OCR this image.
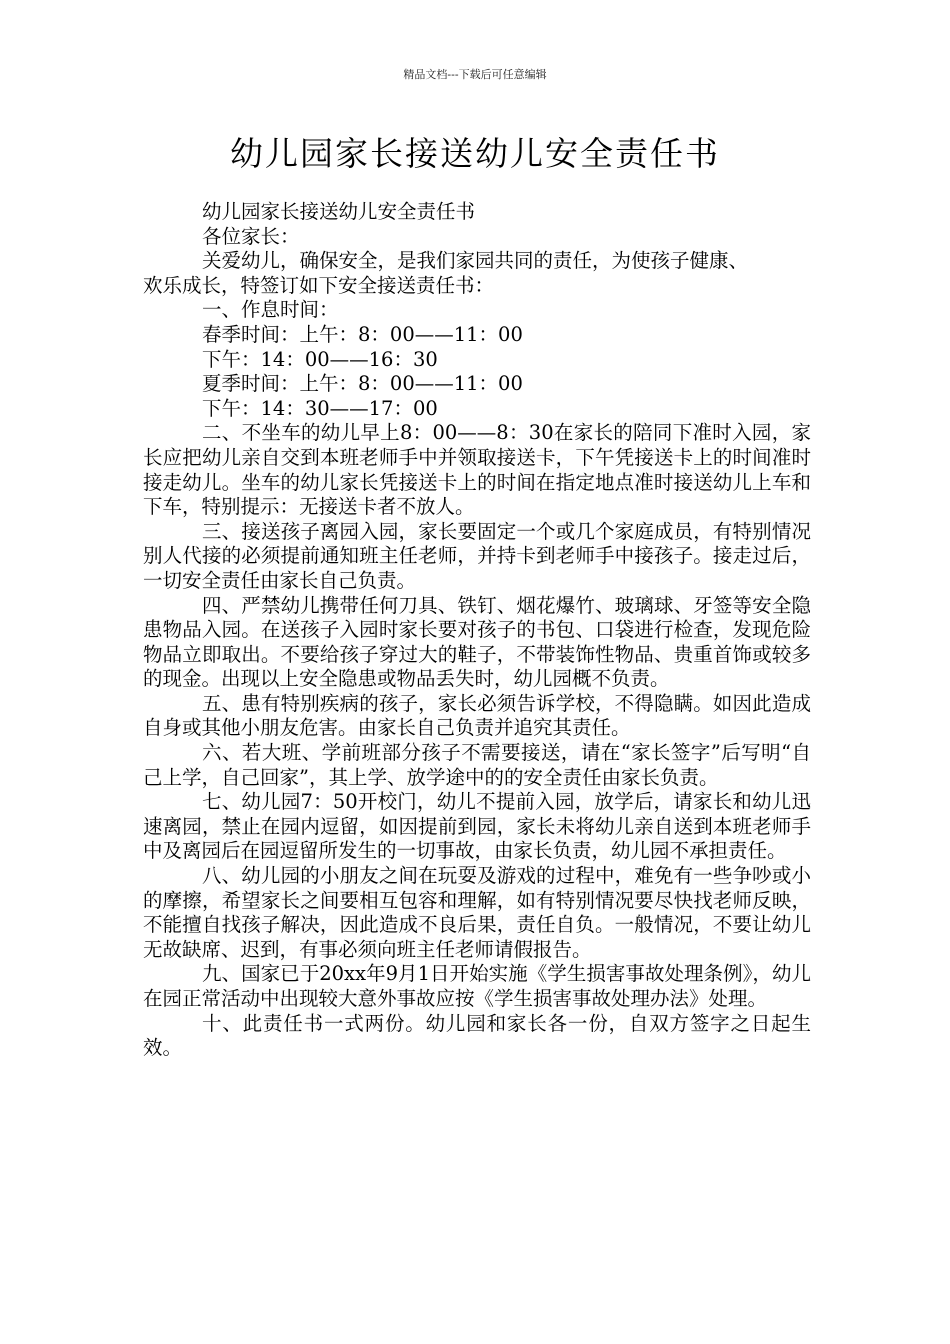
精品文档---下载后可任意编辑
幼儿园家长接送幼儿安全责任书
幼儿园家长接送幼儿安全责任书
各位家长：
关爱幼儿，确保安全，是我们家园共同的责任，为使孩子健康、
欢乐成长，特签订如下安全接送责任书：
一、作息时间：
春季时间：上午：8：00——11：00
下午：14：00——16：30
夏季时间：上午：8：00——11：00
下午：14：30——17：00

二、不坐车的幼儿早上8：00——8：30在家长的陪同下准时入园，家长应把幼儿亲自交到本班老师手中并领取接送卡，下午凭接送卡上的时间准时接走幼儿。坐车的幼儿家长凭接送卡上的时间在指定地点准时接送幼儿上车和下车，特别提示：无接送卡者不放人。

三、接送孩子离园入园，家长要固定一个或几个家庭成员，有特别情况别人代接的必须提前通知班主任老师，并持卡到老师手中接孩子。接走过后，一切安全责任由家长自己负责。

四、严禁幼儿携带任何刀具、铁钉、烟花爆竹、玻璃球、牙签等安全隐患物品入园。在送孩子入园时家长要对孩子的书包、口袋进行检查，发现危险物品立即取出。不要给孩子穿过大的鞋子，不带装饰性物品、贵重首饰或较多的现金。出现以上安全隐患或物品丢失时，幼儿园概不负责。

五、患有特别疾病的孩子，家长必须告诉学校，不得隐瞒。如因此造成自身或其他小朋友危害。由家长自己负责并追究其责任。

六、若大班、学前班部分孩子不需要接送，请在“家长签字”后写明“自己上学，自己回家”，其上学、放学途中的的安全责任由家长负责。

七、幼儿园7：50开校门，幼儿不提前入园，放学后，请家长和幼儿迅速离园，禁止在园内逗留，如因提前到园，家长未将幼儿亲自送到本班老师手中及离园后在园逗留所发生的一切事故，由家长负责，幼儿园不承担责任。

八、幼儿园的小朋友之间在玩耍及游戏的过程中，难免有一些争吵或小的摩擦，希望家长之间要相互包容和理解，如有特别情况要尽快找老师反映，不能擅自找孩子解决，因此造成不良后果，责任自负。一般情况，不要让幼儿无故缺席、迟到，有事必须向班主任老师请假报告。

九、国家已于20xx年9月1日开始实施《学生损害事故处理条例》，幼儿在园正常活动中出现较大意外事故应按《学生损害事故处理办法》处理。

十、此责任书一式两份。幼儿园和家长各一份，自双方签字之日起生效。
